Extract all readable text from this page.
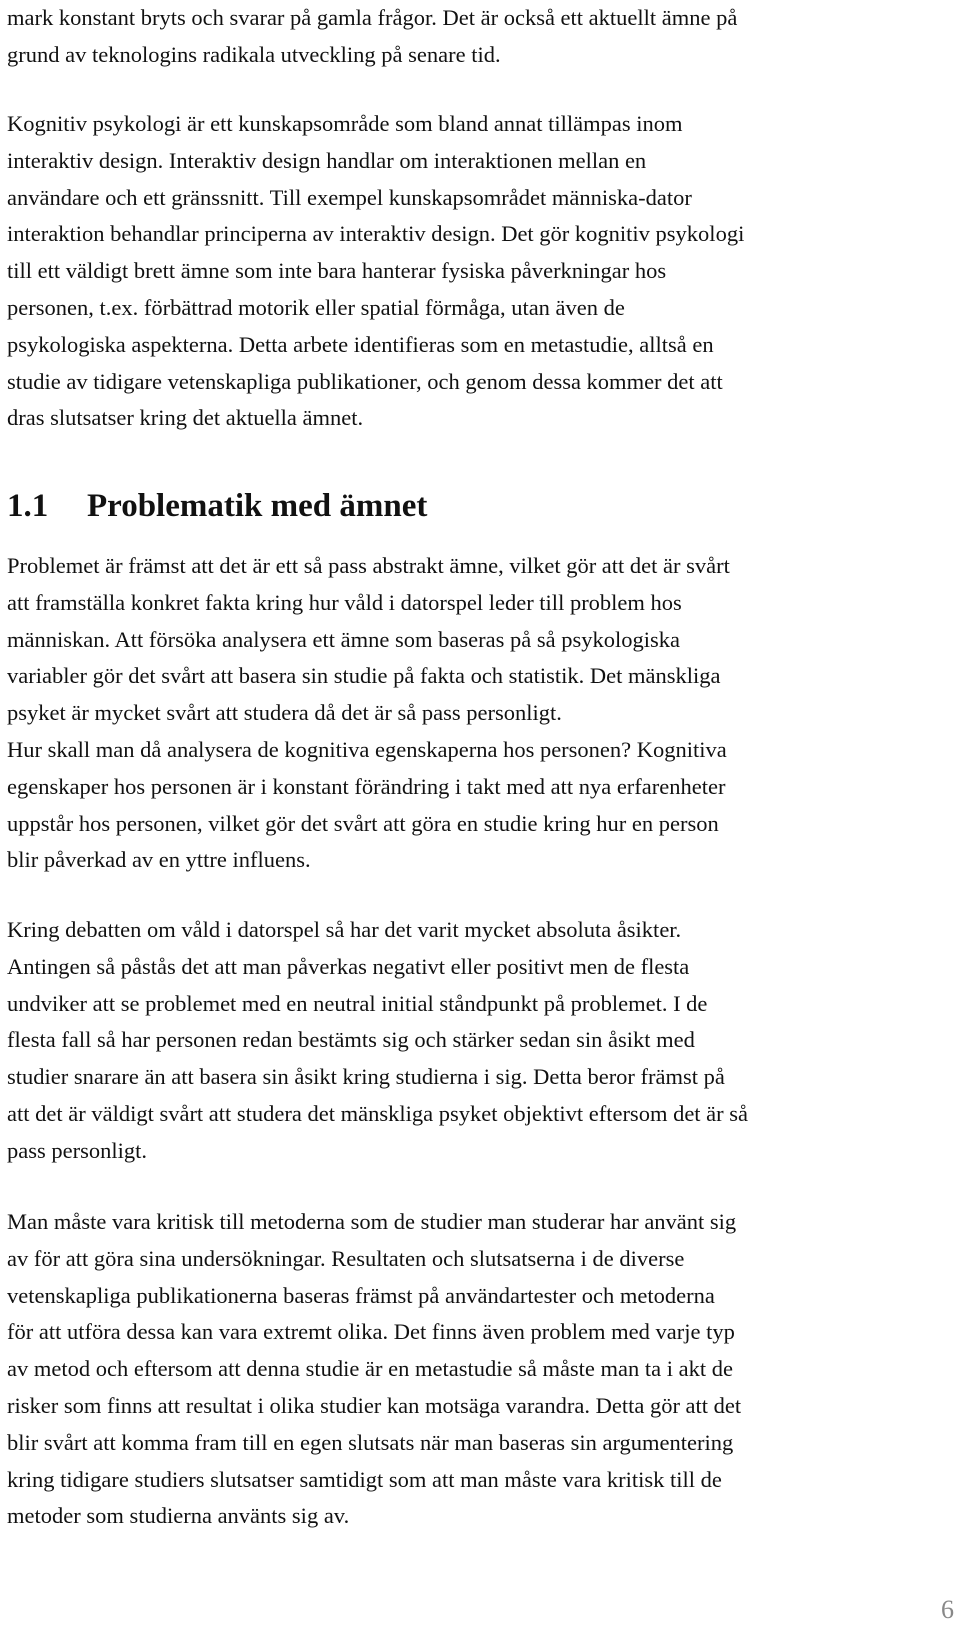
mark konstant bryts och svarar på gamla frågor. Det är också ett aktuellt ämne på
grund av teknologins radikala utveckling på senare tid.

Kognitiv psykologi är ett kunskapsområde som bland annat tillämpas inom
interaktiv design. Interaktiv design handlar om interaktionen mellan en
användare och ett gränssnitt. Till exempel kunskapsområdet människa-dator
interaktion behandlar principerna av interaktiv design. Det gör kognitiv psykologi
till ett väldigt brett ämne som inte bara hanterar fysiska påverkningar hos
personen, t.ex. förbättrad motorik eller spatial förmåga, utan även de
psykologiska aspekterna. Detta arbete identifieras som en metastudie, alltså en
studie av tidigare vetenskapliga publikationer, och genom dessa kommer det att
dras slutsatser kring det aktuella ämnet.

1.1 Problematik med ämnet

Problemet är främst att det är ett så pass abstrakt ämne, vilket gör att det är svårt
att framställa konkret fakta kring hur våld i datorspel leder till problem hos
människan. Att försöka analysera ett ämne som baseras på så psykologiska
variabler gör det svårt att basera sin studie på fakta och statistik. Det mänskliga
psyket är mycket svårt att studera då det är så pass personligt.
Hur skall man då analysera de kognitiva egenskaperna hos personen? Kognitiva
egenskaper hos personen är i konstant förändring i takt med att nya erfarenheter
uppstår hos personen, vilket gör det svårt att göra en studie kring hur en person
blir påverkad av en yttre influens.

Kring debatten om våld i datorspel så har det varit mycket absoluta åsikter.
Antingen så påstås det att man påverkas negativt eller positivt men de flesta
undviker att se problemet med en neutral initial ståndpunkt på problemet. I de
flesta fall så har personen redan bestämts sig och stärker sedan sin åsikt med
studier snarare än att basera sin åsikt kring studierna i sig. Detta beror främst på
att det är väldigt svårt att studera det mänskliga psyket objektivt eftersom det är så
pass personligt.

Man måste vara kritisk till metoderna som de studier man studerar har använt sig
av för att göra sina undersökningar. Resultaten och slutsatserna i de diverse
vetenskapliga publikationerna baseras främst på användartester och metoderna
för att utföra dessa kan vara extremt olika. Det finns även problem med varje typ
av metod och eftersom att denna studie är en metastudie så måste man ta i akt de
risker som finns att resultat i olika studier kan motsäga varandra. Detta gör att det
blir svårt att komma fram till en egen slutsats när man baseras sin argumentering
kring tidigare studiers slutsatser samtidigt som att man måste vara kritisk till de
metoder som studierna använts sig av.

6
